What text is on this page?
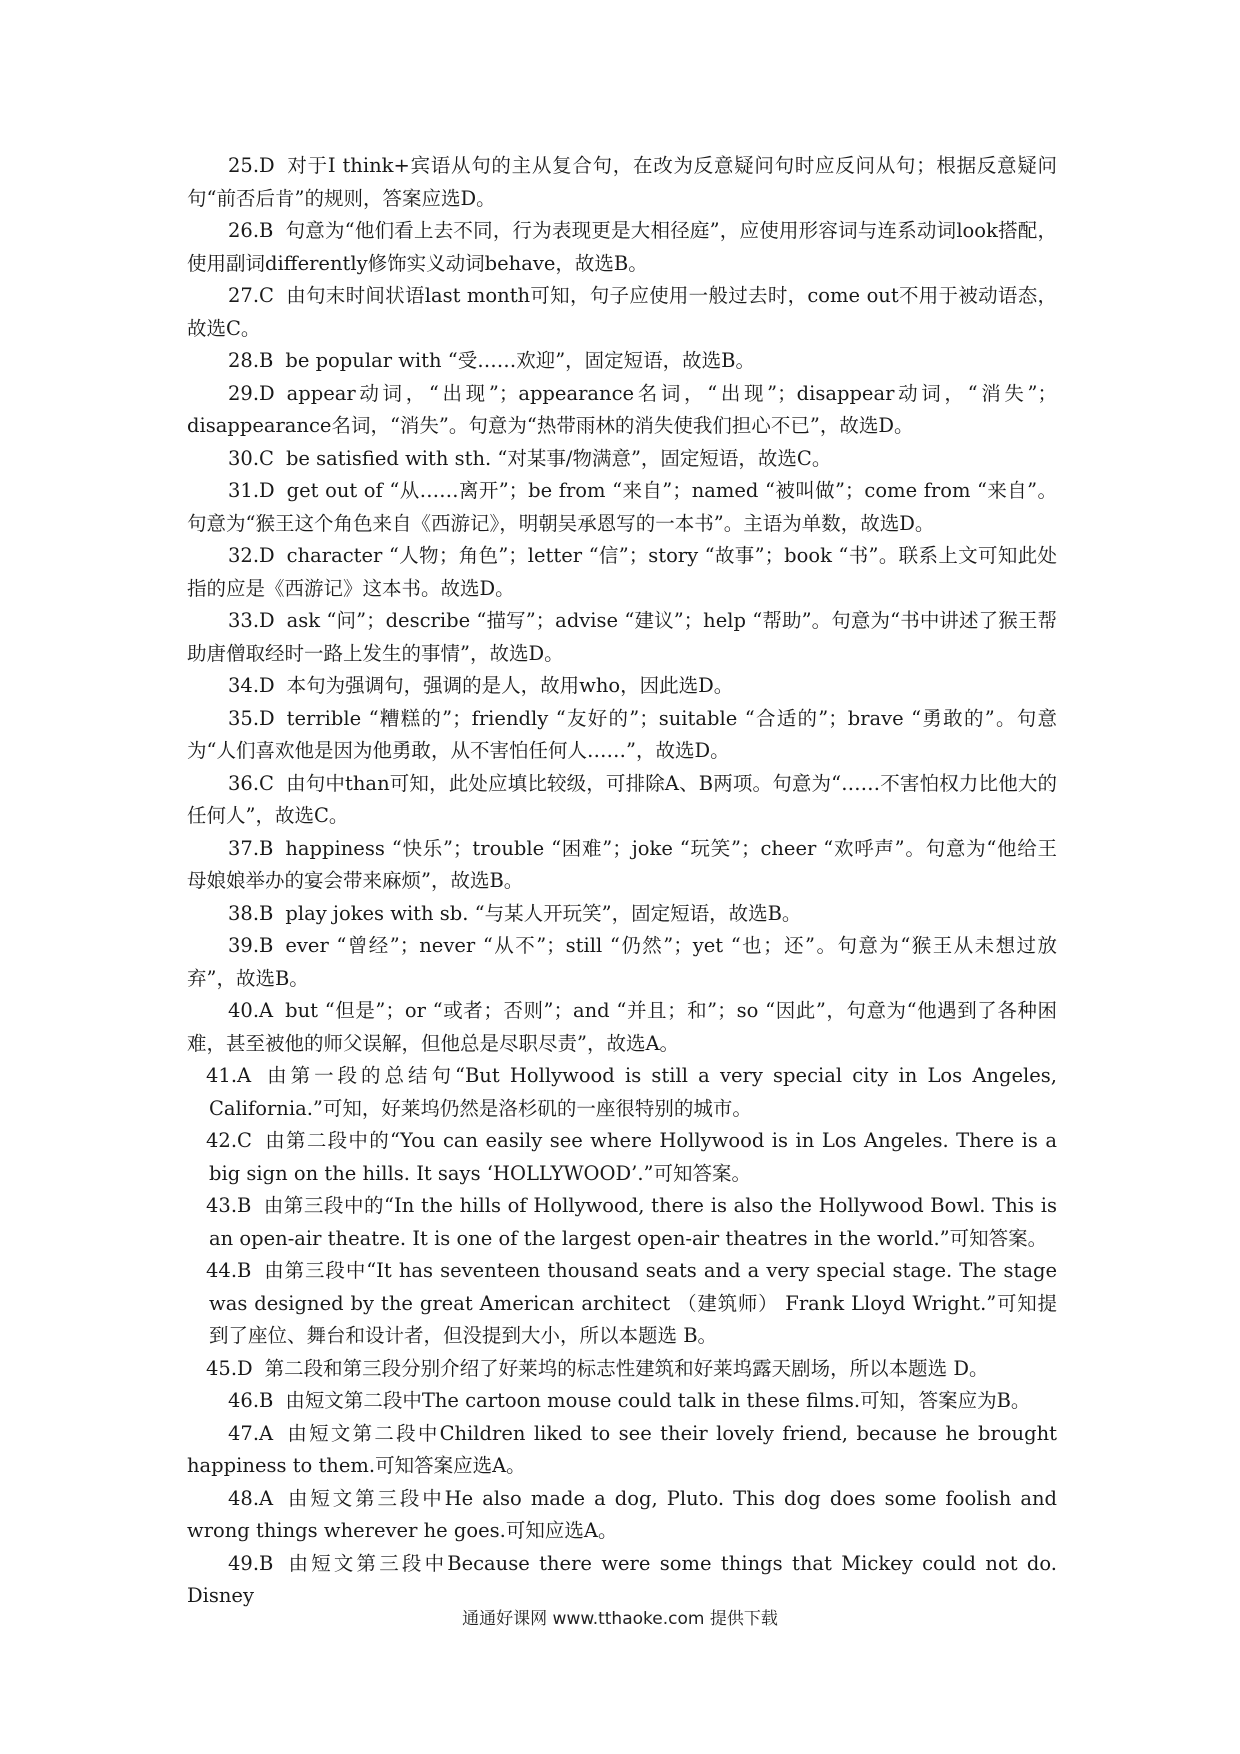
25.D 对于I think+宾语从句的主从复合句，在改为反意疑问句时应反问从句；根据反意疑问句“前否后肯”的规则，答案应选D。

26.B 句意为“他们看上去不同，行为表现更是大相径庭”，应使用形容词与连系动词look搭配，使用副词differently修饰实义动词behave，故选B。

27.C 由句末时间状语last month可知，句子应使用一般过去时，come out不用于被动语态，故选C。

28.B be popular with “受……欢迎”，固定短语，故选B。

29.D appear动词，“出现”；appearance名词，“出现”；disappear动词，“消失”；disappearance名词，“消失”。句意为“热带雨林的消失使我们担心不已”，故选D。

30.C be satisfied with sth. “对某事/物满意”，固定短语，故选C。

31.D get out of “从……离开”；be from “来自”；named “被叫做”；come from “来自”。句意为“猴王这个角色来自《西游记》，明朝吴承恩写的一本书”。主语为单数，故选D。

32.D character “人物；角色”；letter “信”；story “故事”；book “书”。联系上文可知此处指的应是《西游记》这本书。故选D。

33.D ask “问”；describe “描写”；advise “建议”；help “帮助”。句意为“书中讲述了猴王帮助唐僧取经时一路上发生的事情”，故选D。

34.D 本句为强调句，强调的是人，故用who，因此选D。

35.D terrible “糟糕的”；friendly “友好的”；suitable “合适的”；brave “勇敢的”。句意为“人们喜欢他是因为他勇敢，从不害怕任何人……”，故选D。

36.C 由句中than可知，此处应填比较级，可排除A、B两项。句意为“……不害怕权力比他大的任何人”，故选C。

37.B happiness “快乐”；trouble “困难”；joke “玩笑”；cheer “欢呼声”。句意为“他给王母娘娘举办的宴会带来麻烦”，故选B。

38.B play jokes with sb. “与某人开玩笑”，固定短语，故选B。

39.B ever “曾经”；never “从不”；still “仍然”；yet “也；还”。句意为“猴王从未想过放弃”，故选B。

40.A but “但是”；or “或者；否则”；and “并且；和”；so “因此”，句意为“他遇到了各种困难，甚至被他的师父误解，但他总是尽职尽责”，故选A。

41.A 由第一段的总结句“But Hollywood is still a very special city in Los Angeles, California.”可知，好莱坞仍然是洛杉矶的一座很特别的城市。

42.C 由第二段中的“You can easily see where Hollywood is in Los Angeles. There is a big sign on the hills. It says ‘HOLLYWOOD’.”可知答案。

43.B 由第三段中的“In the hills of Hollywood, there is also the Hollywood Bowl. This is an open-air theatre. It is one of the largest open-air theatres in the world.”可知答案。

44.B 由第三段中“It has seventeen thousand seats and a very special stage. The stage was designed by the great American architect （建筑师） Frank Lloyd Wright.”可知提到了座位、舞台和设计者，但没提到大小，所以本题选 B。

45.D 第二段和第三段分别介绍了好莱坞的标志性建筑和好莱坞露天剧场，所以本题选 D。

46.B 由短文第二段中The cartoon mouse could talk in these films.可知，答案应为B。

47.A 由短文第二段中Children liked to see their lovely friend, because he brought happiness to them.可知答案应选A。

48.A 由短文第三段中He also made a dog, Pluto. This dog does some foolish and wrong things wherever he goes.可知应选A。

49.B 由短文第三段中Because there were some things that Mickey could not do. Disney

通通好课网 www.tthaoke.com 提供下载
